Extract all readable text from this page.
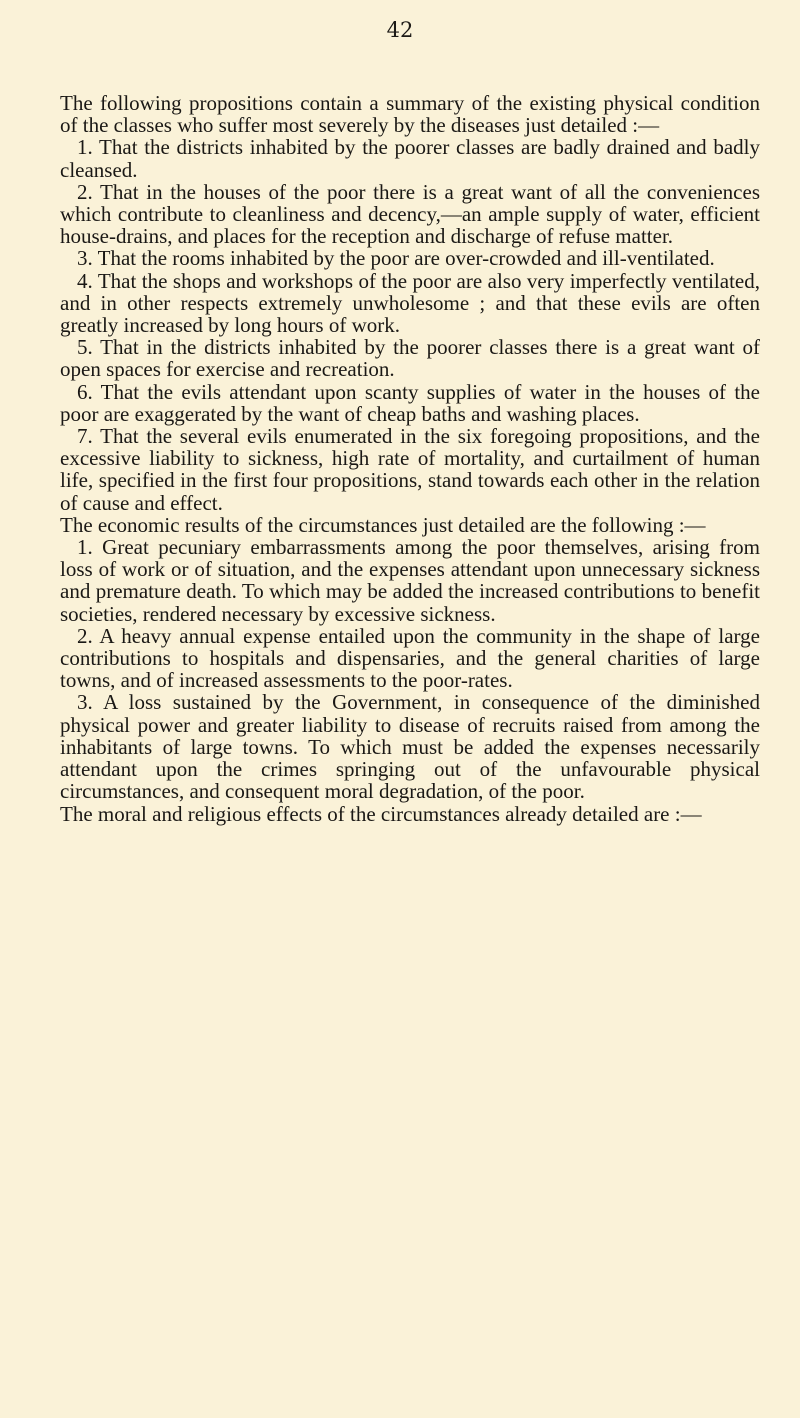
42

The following propositions contain a summary of the existing physical condition of the classes who suffer most severely by the diseases just detailed :—

1. That the districts inhabited by the poorer classes are badly drained and badly cleansed.

2. That in the houses of the poor there is a great want of all the conveniences which contribute to cleanliness and decency,—an ample supply of water, efficient house-drains, and places for the reception and discharge of refuse matter.

3. That the rooms inhabited by the poor are over-crowded and ill-ventilated.

4. That the shops and workshops of the poor are also very imperfectly ventilated, and in other respects extremely unwholesome ; and that these evils are often greatly increased by long hours of work.

5. That in the districts inhabited by the poorer classes there is a great want of open spaces for exercise and recreation.

6. That the evils attendant upon scanty supplies of water in the houses of the poor are exaggerated by the want of cheap baths and washing places.

7. That the several evils enumerated in the six foregoing propositions, and the excessive liability to sickness, high rate of mortality, and curtailment of human life, specified in the first four propositions, stand towards each other in the relation of cause and effect.

The economic results of the circumstances just detailed are the following :—

1. Great pecuniary embarrassments among the poor themselves, arising from loss of work or of situation, and the expenses attendant upon unnecessary sickness and premature death. To which may be added the increased contributions to benefit societies, rendered necessary by excessive sickness.

2. A heavy annual expense entailed upon the community in the shape of large contributions to hospitals and dispensaries, and the general charities of large towns, and of increased assessments to the poor-rates.

3. A loss sustained by the Government, in consequence of the diminished physical power and greater liability to disease of recruits raised from among the inhabitants of large towns. To which must be added the expenses necessarily attendant upon the crimes springing out of the unfavourable physical circumstances, and consequent moral degradation, of the poor.

The moral and religious effects of the circumstances already detailed are :—
